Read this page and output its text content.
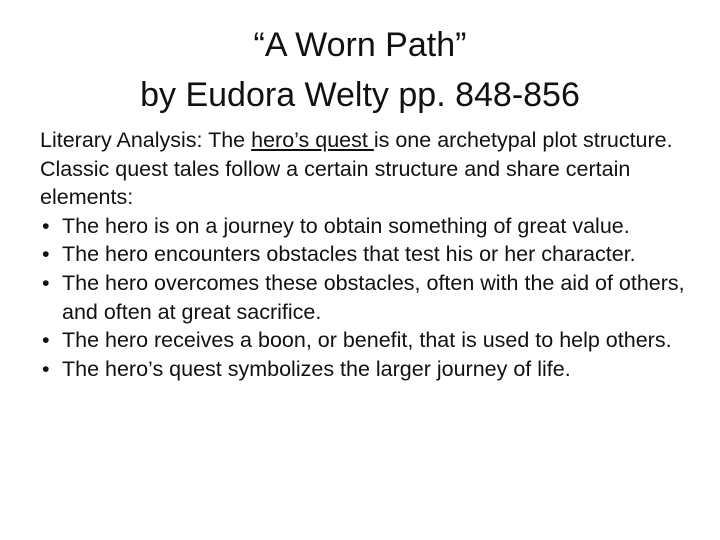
“A Worn Path”
by Eudora Welty pp. 848-856

Literary Analysis: The hero’s quest is one archetypal plot structure. Classic quest tales follow a certain structure and share certain elements:

• The hero is on a journey to obtain something of great value.
• The hero encounters obstacles that test his or her character.
• The hero overcomes these obstacles, often with the aid of others, and often at great sacrifice.
• The hero receives a boon, or benefit, that is used to help others.
• The hero’s quest symbolizes the larger journey of life.
